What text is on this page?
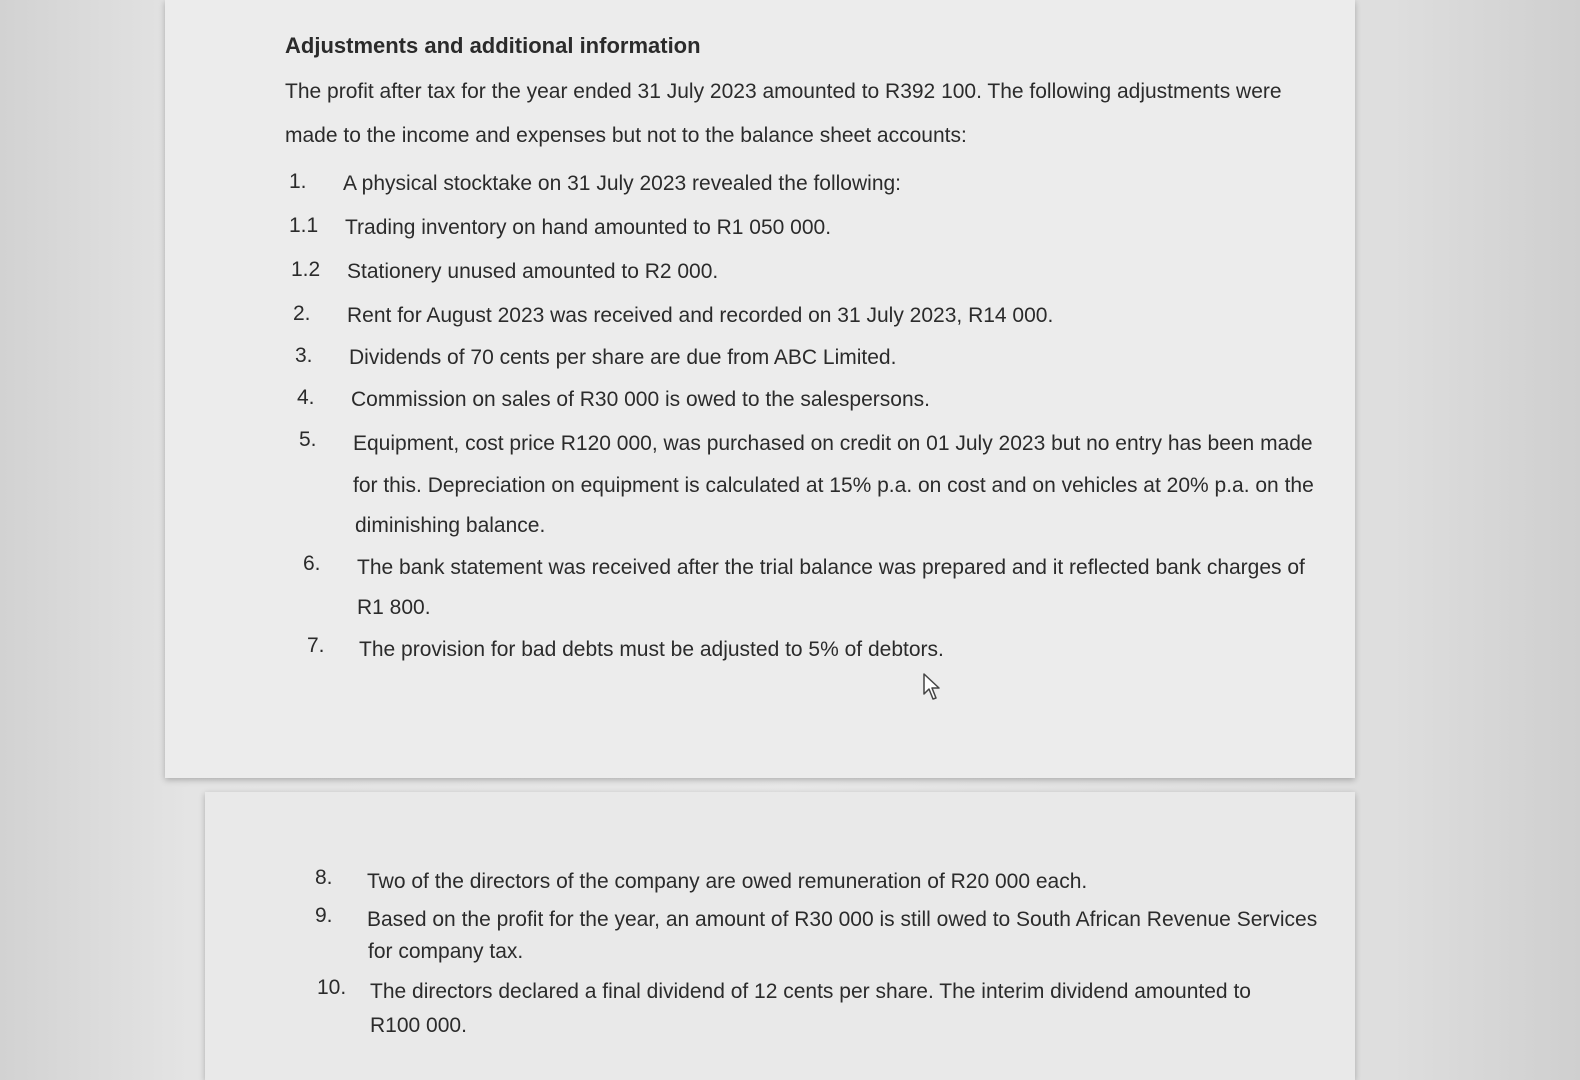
Adjustments and additional information
The profit after tax for the year ended 31 July 2023 amounted to R392 100. The following adjustments were
made to the income and expenses but not to the balance sheet accounts:
1. A physical stocktake on 31 July 2023 revealed the following:
1.1 Trading inventory on hand amounted to R1 050 000.
1.2 Stationery unused amounted to R2 000.
2. Rent for August 2023 was received and recorded on 31 July 2023, R14 000.
3. Dividends of 70 cents per share are due from ABC Limited.
4. Commission on sales of R30 000 is owed to the salespersons.
5. Equipment, cost price R120 000, was purchased on credit on 01 July 2023 but no entry has been made
for this. Depreciation on equipment is calculated at 15% p.a. on cost and on vehicles at 20% p.a. on the
diminishing balance.
6. The bank statement was received after the trial balance was prepared and it reflected bank charges of
R1 800.
7. The provision for bad debts must be adjusted to 5% of debtors.
8. Two of the directors of the company are owed remuneration of R20 000 each.
9. Based on the profit for the year, an amount of R30 000 is still owed to South African Revenue Services
for company tax.
10. The directors declared a final dividend of 12 cents per share. The interim dividend amounted to
R100 000.
